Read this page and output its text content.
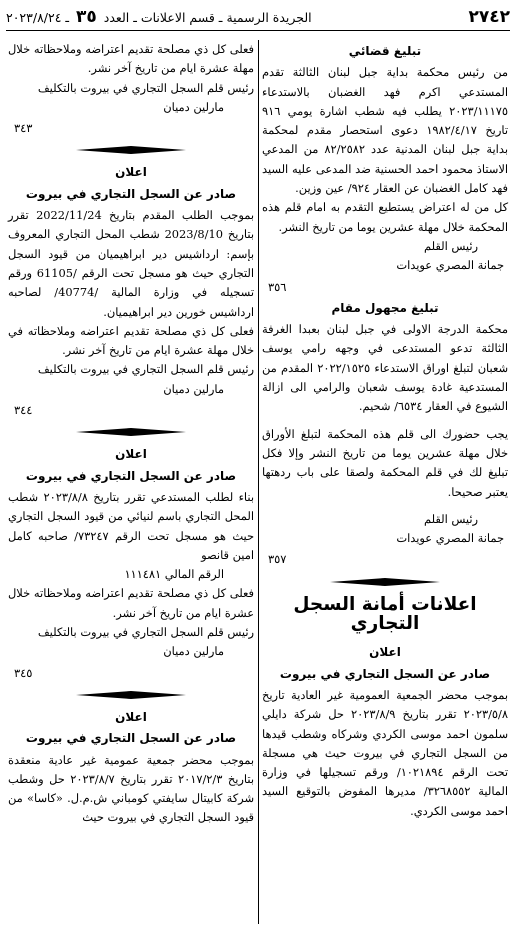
٢٧٤٢
الجريدة الرسمية ـ قسم الاعلانات ـ العدد ٣٥ ـ ٢٠٢٣/٨/٢٤
تبليغ قضائي

من رئيس محكمة بداية جبل لبنان الثالثة تقدم المستدعي اكرم فهد الغضبان بالاستدعاء ٢٠٢٣/١١١٧٥ يطلب فيه شطب اشارة يومي ٩١٦ تاريخ ١٩٨٢/٤/١٧ دعوى استحصار مقدم لمحكمة بداية جبل لبنان المدنية عدد ٨٢/٢٥٨٢ من المدعي الاستاذ محمود احمد الحسنية ضد المدعى عليه السيد فهد كامل الغضبان عن العقار ٩٢٤/ عين وزين.

كل من له اعتراض يستطيع التقدم به امام قلم هذه المحكمة خلال مهلة عشرين يوما من تاريخ النشر.

رئيس القلم

جمانة المصري عويدات

٣٥٦
تبليغ مجهول مقام

محكمة الدرجة الاولى في جبل لبنان بعبدا الغرفة الثالثة تدعو المستدعى في وجهه رامي يوسف شعبان لتبلغ اوراق الاستدعاء ٢٠٢٢/١٥٢٥ المقدم من المستدعية غادة يوسف شعبان والرامي الى ازالة الشيوع في العقار ٦٥٣٤/ شحيم.

يجب حضورك الى قلم هذه المحكمة لتبلغ الأوراق خلال مهلة عشرين يوما من تاريخ النشر وإلا فكل تبليغ لك في قلم المحكمة ولصقا على باب ردهتها يعتبر صحيحا.

رئيس القلم

جمانة المصري عويدات

٣٥٧
اعلانات أمانة السجل التجاري
اعلان
صادر عن السجل التجاري في بيروت

بموجب محضر الجمعية العمومية غير العادية تاريخ ٢٠٢٣/٥/٨ تقرر بتاريخ ٢٠٢٣/٨/٩ حل شركة دايلي سلمون احمد موسى الكردي وشركاه وشطب قيدها من السجل التجاري في بيروت حيث هي مسجلة تحت الرقم ١٠٢١٨٩٤/ ورقم تسجيلها في وزارة المالية ٣٢٦٨٥٥٢/ مديرها المفوض بالتوقيع السيد احمد موسى الكردي.

فعلى كل ذي مصلحة تقديم اعتراضه وملاحظاته خلال مهلة عشرة ايام من تاريخ آخر نشر.

رئيس قلم السجل التجاري في بيروت بالتكليف

مارلين دميان

٣٤٣
اعلان
صادر عن السجل التجاري في بيروت

بموجب الطلب المقدم بتاريخ 2022/11/24 تقرر بتاريخ 2023/8/10 شطب المحل التجاري المعروف بإسم: ارداشيس دير ابراهيميان من قيود السجل التجاري حيث هو مسجل تحت الرقم /61105 ورقم تسجيله في وزارة المالية /40774/ لصاحبه ارداشيس خورين دير ابراهيميان.

فعلى كل ذي مصلحة تقديم اعتراضه وملاحظاته في خلال مهلة عشرة ايام من تاريخ آخر نشر.

رئيس قلم السجل التجاري في بيروت بالتكليف

مارلين دميان

٣٤٤
اعلان
صادر عن السجل التجاري في بيروت

بناء لطلب المستدعي تقرر بتاريخ ٢٠٢٣/٨/٨ شطب المحل التجاري باسم لنيائي من قيود السجل التجاري حيث هو مسجل تحت الرقم ٧٣٢٤٧/ صاحبه كامل امين قانصو

الرقم المالي ١١١٤٨١

فعلى كل ذي مصلحة تقديم اعتراضه وملاحظاته خلال عشرة ايام من تاريخ آخر نشر.

رئيس قلم السجل التجاري في بيروت بالتكليف

مارلين دميان

٣٤٥
اعلان
صادر عن السجل التجاري في بيروت

بموجب محضر جمعية عمومية غير عادية منعقدة بتاريخ ٢٠١٧/٢/٣ تقرر بتاريخ ٢٠٢٣/٨/٧ حل وشطب شركة كابيتال سايفتي كومباني ش.م.ل. «كاسا» من قيود السجل التجاري في بيروت حيث
